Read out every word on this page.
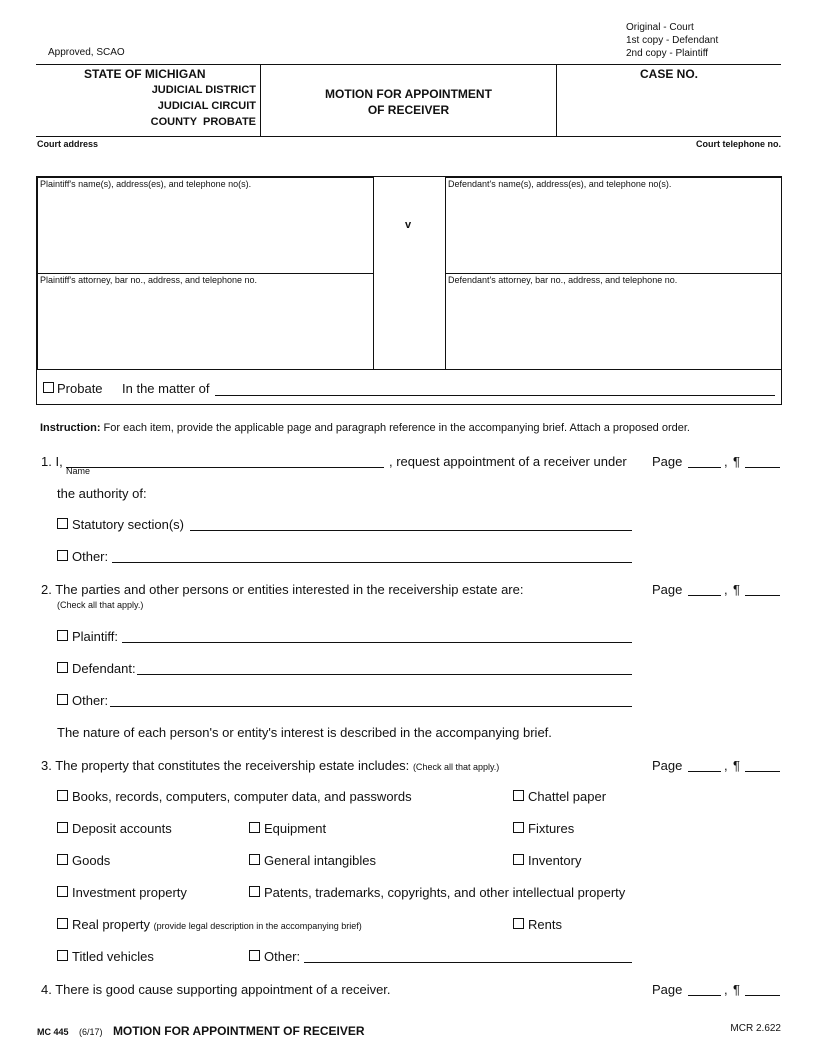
Approved, SCAO
Original - Court
1st copy - Defendant
2nd copy - Plaintiff
STATE OF MICHIGAN
JUDICIAL DISTRICT
JUDICIAL CIRCUIT
COUNTY  PROBATE
MOTION FOR APPOINTMENT
OF RECEIVER
CASE NO.
Court address	Court telephone no.
Plaintiff's name(s), address(es), and telephone no(s).	Defendant's name(s), address(es), and telephone no(s).
v
Plaintiff's attorney, bar no., address, and telephone no.	Defendant's attorney, bar no., address, and telephone no.
Probate In the matter of
Instruction: For each item, provide the applicable page and paragraph reference in the accompanying brief. Attach a proposed order.
1. I,
Name
, request appointment of a receiver under
the authority of:
Statutory section(s)
Other:
2. The parties and other persons or entities interested in the receivership estate are:
(Check all that apply.)
Plaintiff:
Defendant:
Other:
The nature of each person's or entity's interest is described in the accompanying brief.
3. The property that constitutes the receivership estate includes: (Check all that apply.)
Books, records, computers, computer data, and passwords	Chattel paper
Deposit accounts	Equipment	Fixtures
Goods	General intangibles	Inventory
Investment property	Patents, trademarks, copyrights, and other intellectual property
Real property (provide legal description in the accompanying brief)	Rents
Titled vehicles	Other:
4. There is good cause supporting appointment of a receiver.
Page	, ¶
Page	, ¶
Page	, ¶
Page	, ¶
MC 445 (6/17) MOTION FOR APPOINTMENT OF RECEIVER	MCR 2.622
